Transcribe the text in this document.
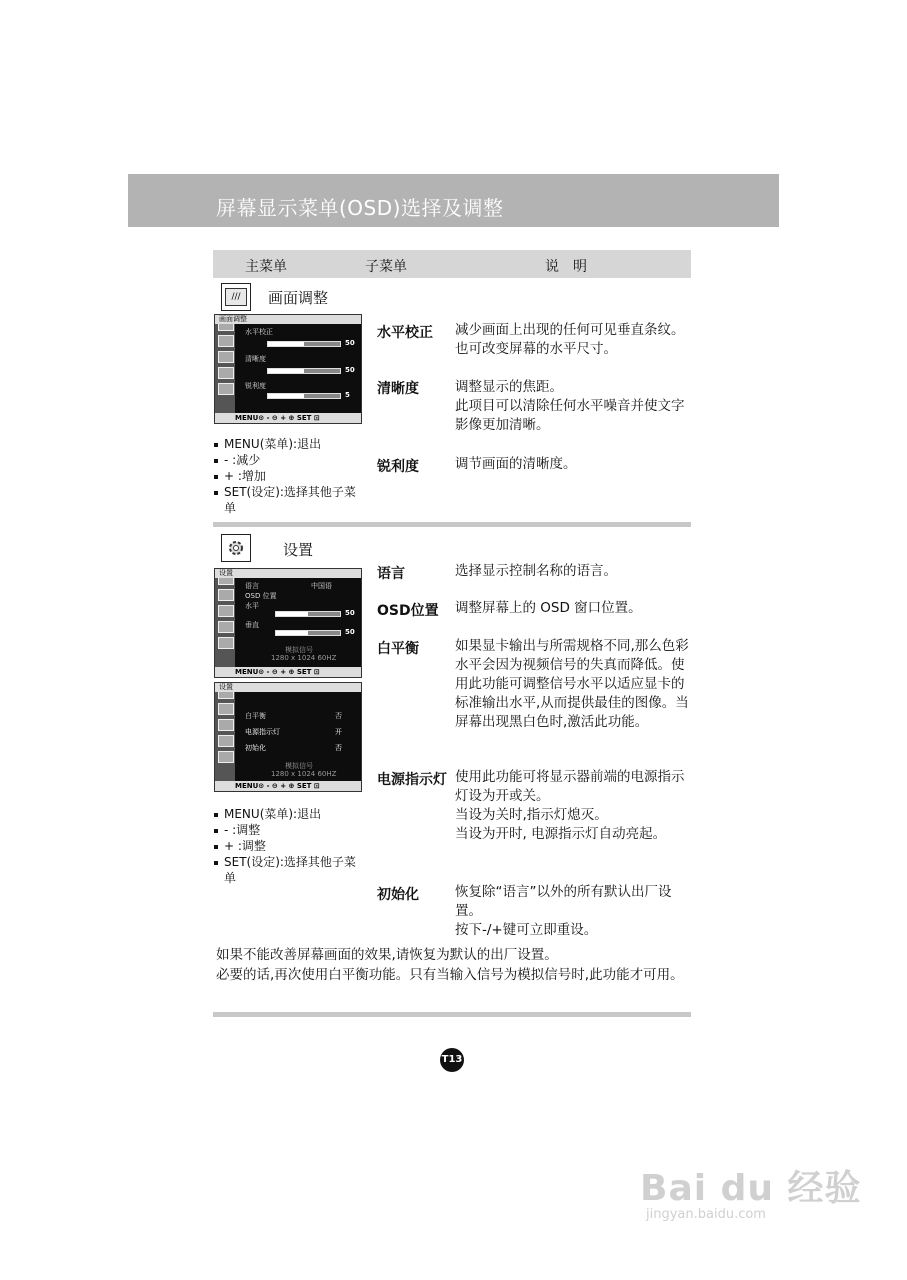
屏幕显示菜单(OSD)选择及调整
主菜单	子菜单	说　明
///	画面调整
画面调整
水平校正
50
清晰度
50
锐利度
5
MENU⊙ - ⊖ + ⊕ SET ⊡
MENU(菜单):退出
- :减少
+ :增加
SET(设定):选择其他子菜单
水平校正 减少画面上出现的任何可见垂直条纹。也可改变屏幕的水平尺寸。
清晰度	调整显示的焦距。
此项目可以清除任何水平噪音并使文字影像更加清晰。
锐利度	调节画面的清晰度。
设置
设置
语言	中国语
OSD 位置
水平
50
垂直
50
模拟信号
1280 x 1024 60HZ
MENU⊙ - ⊖ + ⊕ SET ⊡
设置
白平衡	否
电源指示灯	开
初始化	否
模拟信号
1280 x 1024 60HZ
MENU⊙ - ⊖ + ⊕ SET ⊡
MENU(菜单):退出
- :调整
+ :调整
SET(设定):选择其他子菜单
语言	选择显示控制名称的语言。
OSD位置 调整屏幕上的 OSD 窗口位置。
白平衡	如果显卡输出与所需规格不同,那么色彩水平会因为视频信号的失真而降低。使用此功能可调整信号水平以适应显卡的标准输出水平,从而提供最佳的图像。当屏幕出现黑白色时,激活此功能。
电源指示灯 使用此功能可将显示器前端的电源指示灯设为开或关。
当设为关时,指示灯熄灭。
当设为开时, 电源指示灯自动亮起。
初始化	恢复除“语言”以外的所有默认出厂设置。
按下-/+键可立即重设。
如果不能改善屏幕画面的效果,请恢复为默认的出厂设置。
必要的话,再次使用白平衡功能。只有当输入信号为模拟信号时,此功能才可用。
T13
Bai du 经验
jingyan.baidu.com
